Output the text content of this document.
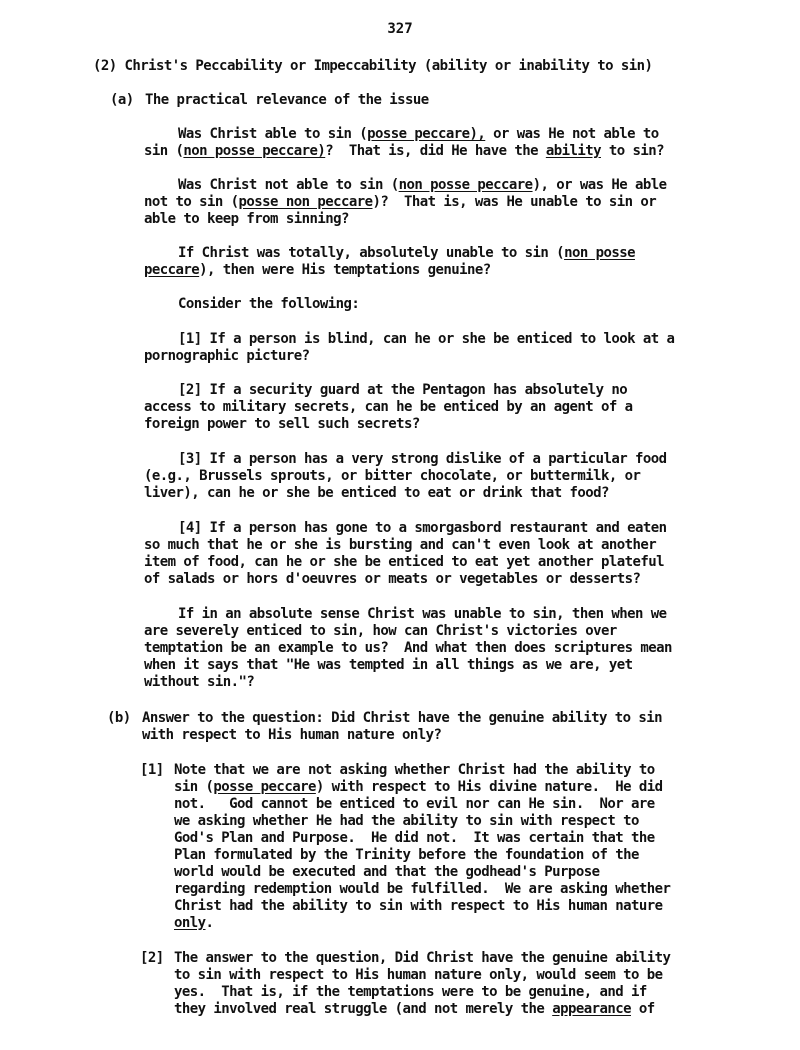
327
(2) Christ's Peccability or Impeccability (ability or inability to sin)
(a) The practical relevance of the issue
Was Christ able to sin (posse peccare), or was He not able to
sin (non posse peccare)?  That is, did He have the ability to sin?
Was Christ not able to sin (non posse peccare), or was He able
not to sin (posse non peccare)?  That is, was He unable to sin or
able to keep from sinning?
If Christ was totally, absolutely unable to sin (non posse
peccare), then were His temptations genuine?
Consider the following:
[1] If a person is blind, can he or she be enticed to look at a
pornographic picture?
[2] If a security guard at the Pentagon has absolutely no
access to military secrets, can he be enticed by an agent of a
foreign power to sell such secrets?
[3] If a person has a very strong dislike of a particular food
(e.g., Brussels sprouts, or bitter chocolate, or buttermilk, or
liver), can he or she be enticed to eat or drink that food?
[4] If a person has gone to a smorgasbord restaurant and eaten
so much that he or she is bursting and can't even look at another
item of food, can he or she be enticed to eat yet another plateful
of salads or hors d'oeuvres or meats or vegetables or desserts?
If in an absolute sense Christ was unable to sin, then when we
are severely enticed to sin, how can Christ's victories over
temptation be an example to us?  And what then does scriptures mean
when it says that "He was tempted in all things as we are, yet
without sin."?
(b) Answer to the question: Did Christ have the genuine ability to sin
with respect to His human nature only?
[1] Note that we are not asking whether Christ had the ability to
sin (posse peccare) with respect to His divine nature.  He did
not.   God cannot be enticed to evil nor can He sin.  Nor are
we asking whether He had the ability to sin with respect to
God's Plan and Purpose.  He did not.  It was certain that the
Plan formulated by the Trinity before the foundation of the
world would be executed and that the godhead's Purpose
regarding redemption would be fulfilled.  We are asking whether
Christ had the ability to sin with respect to His human nature
only.
[2] The answer to the question, Did Christ have the genuine ability
to sin with respect to His human nature only, would seem to be
yes.  That is, if the temptations were to be genuine, and if
they involved real struggle (and not merely the appearance of
